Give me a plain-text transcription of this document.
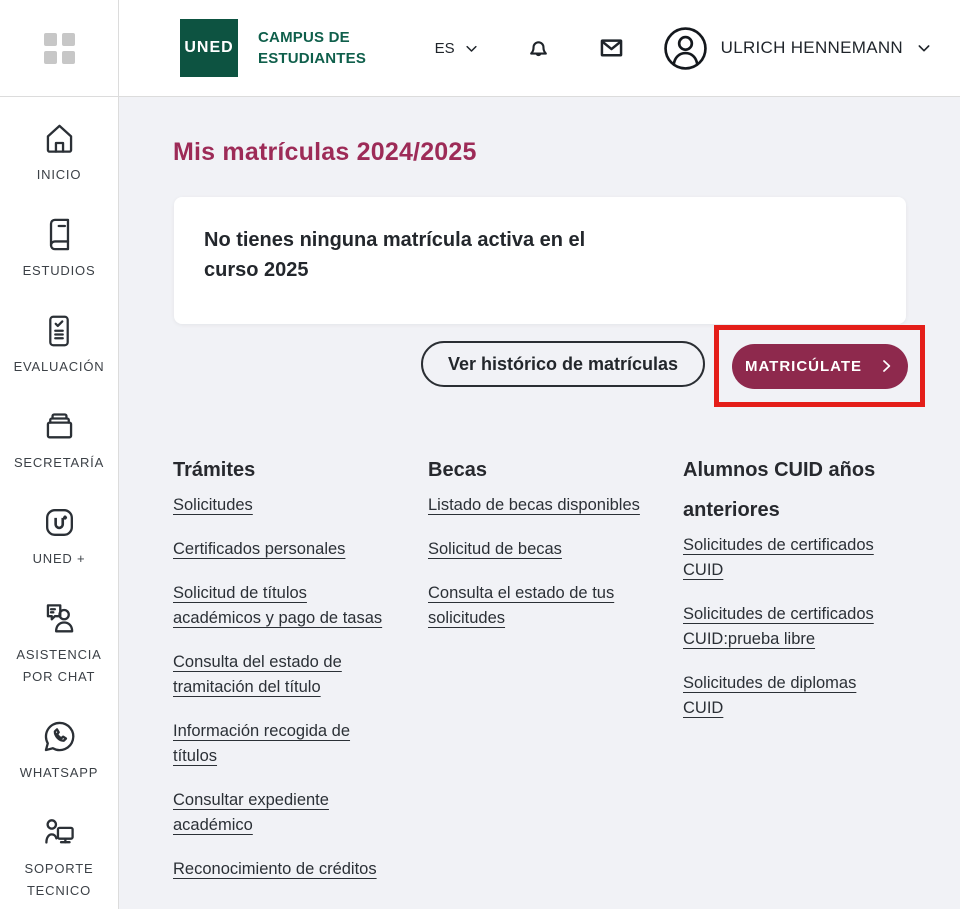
UNED
CAMPUS DE
ESTUDIANTES
ES	ULRICH HENNEMANN
INICIO
ESTUDIOS
EVALUACIÓN
SECRETARÍA
UNED +
ASISTENCIA POR CHAT
WHATSAPP
SOPORTE TECNICO
Mis matrículas 2024/2025
No tienes ninguna matrícula activa en el curso 2025
Ver histórico de matrículas	MATRICÚLATE
Trámites
Solicitudes
Certificados personales
Solicitud de títulos académicos y pago de tasas
Consulta del estado de tramitación del título
Información recogida de títulos
Consultar expediente académico
Reconocimiento de créditos
Becas
Listado de becas disponibles
Solicitud de becas
Consulta el estado de tus solicitudes
Alumnos CUID años anteriores
Solicitudes de certificados CUID
Solicitudes de certificados CUID:prueba libre
Solicitudes de diplomas CUID
